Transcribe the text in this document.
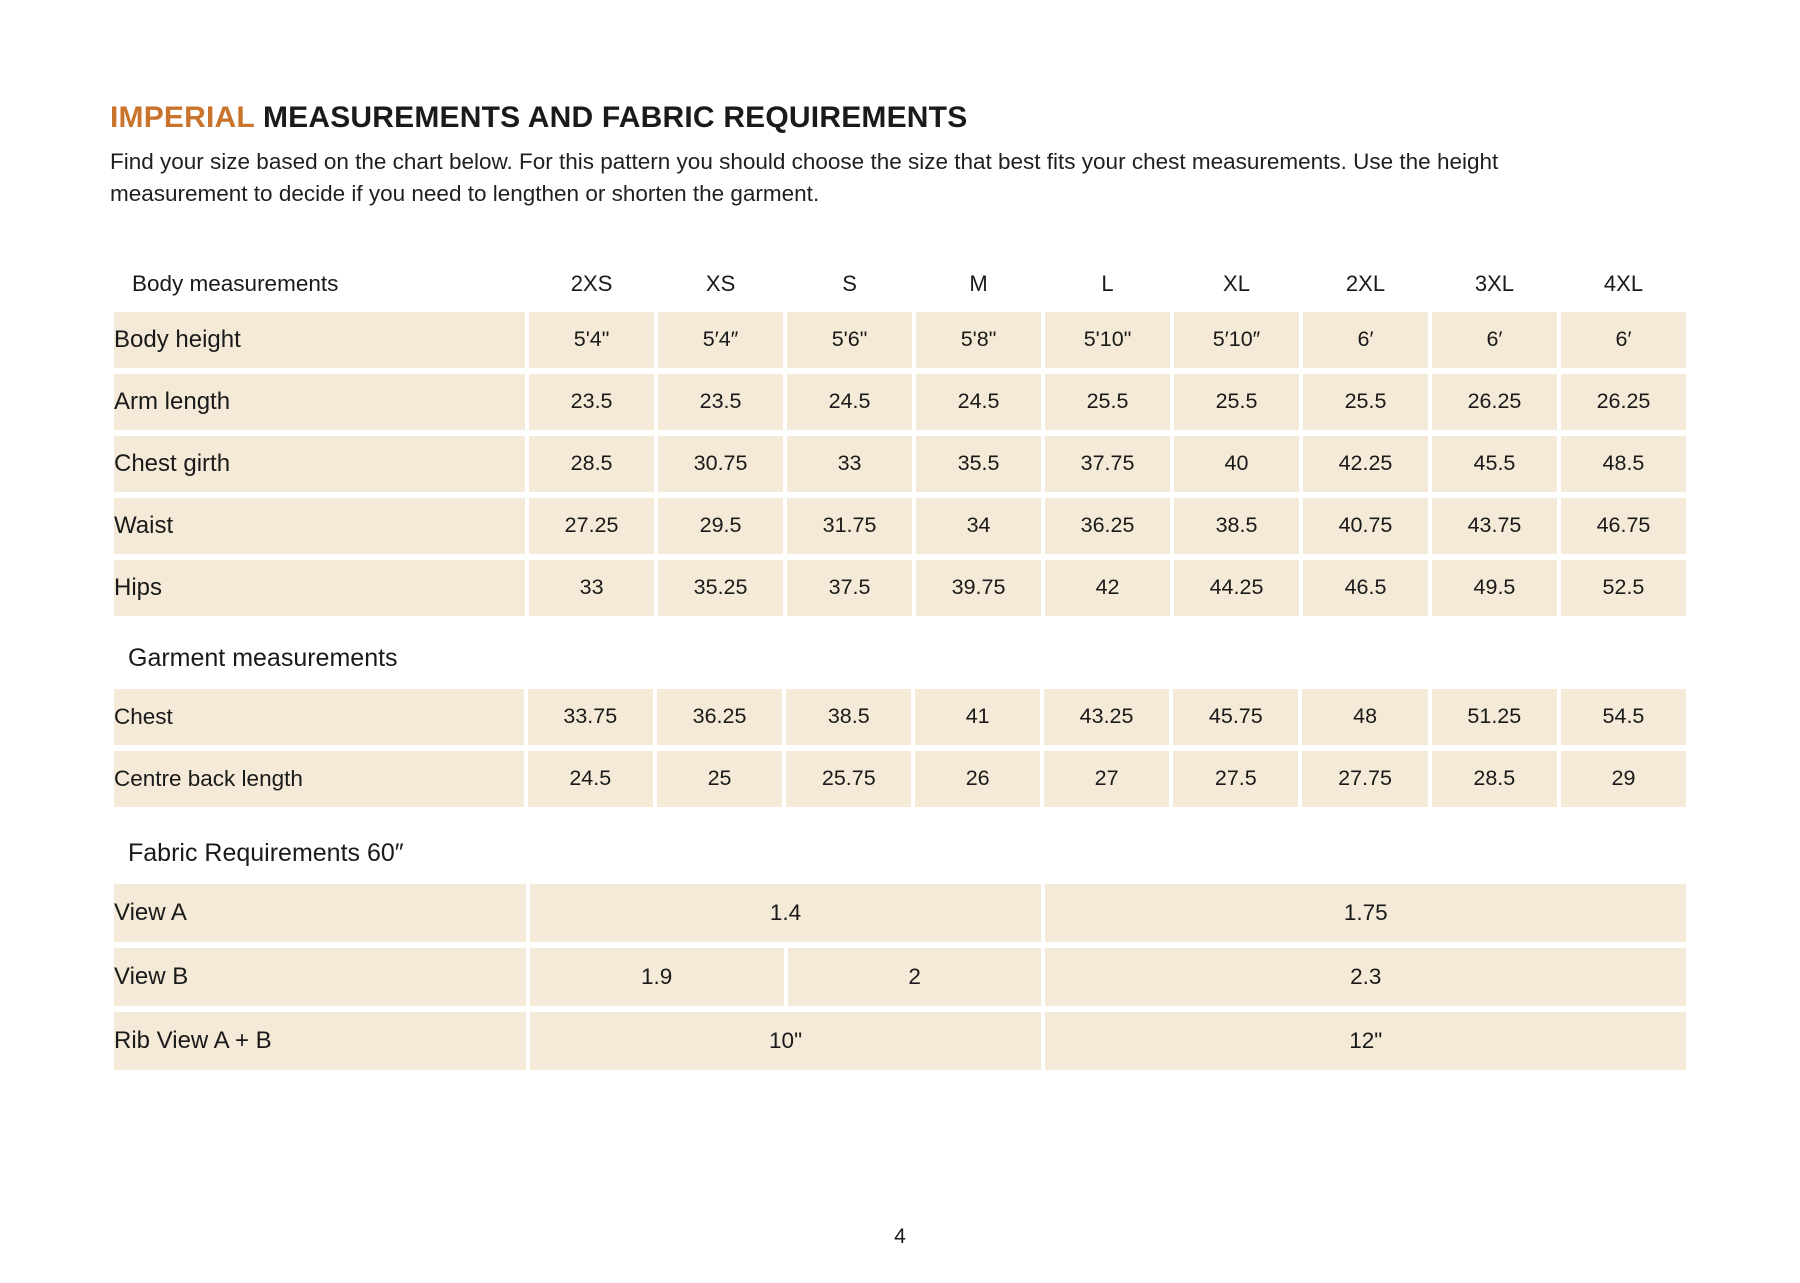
IMPERIAL MEASUREMENTS AND FABRIC REQUIREMENTS

Find your size based on the chart below. For this pattern you should choose the size that best fits your chest measurements. Use the height measurement to decide if you need to lengthen or shorten the garment.

Body measurements	2XS	XS	S	M	L	XL	2XL	3XL	4XL
Body height	5'4"	5′4″	5'6"	5'8"	5'10"	5′10″	6′	6′	6′
Arm length	23.5	23.5	24.5	24.5	25.5	25.5	25.5	26.25	26.25
Chest girth	28.5	30.75	33	35.5	37.75	40	42.25	45.5	48.5
Waist	27.25	29.5	31.75	34	36.25	38.5	40.75	43.75	46.75
Hips	33	35.25	37.5	39.75	42	44.25	46.5	49.5	52.5
Garment measurements
Chest	33.75	36.25	38.5	41	43.25	45.75	48	51.25	54.5
Centre back length	24.5	25	25.75	26	27	27.5	27.75	28.5	29
Fabric Requirements 60″
View A	1.4		1.75
View B	1.9	2	2.3
Rib View A + B	10"		12"
4
